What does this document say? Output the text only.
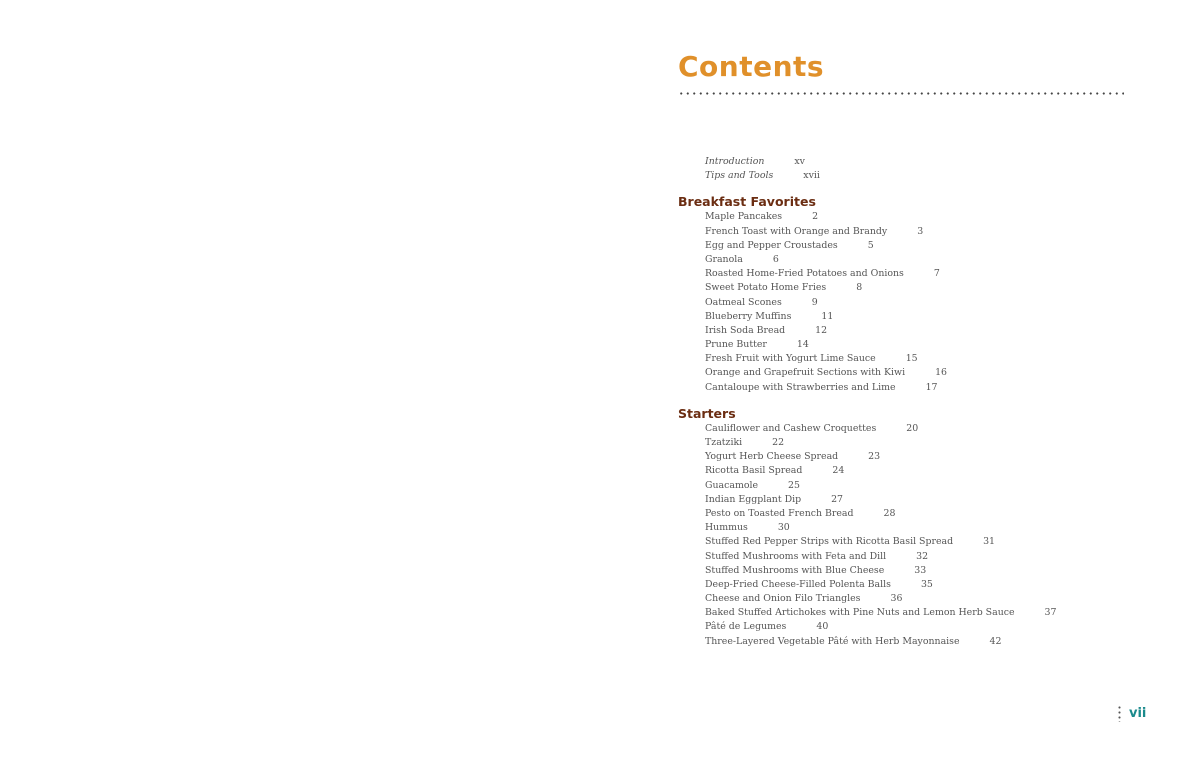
Contents
Introduction	xv
Tips and Tools	xvii
Breakfast Favorites
Maple Pancakes	2
French Toast with Orange and Brandy	3
Egg and Pepper Croustades	5
Granola	6
Roasted Home-Fried Potatoes and Onions	7
Sweet Potato Home Fries	8
Oatmeal Scones	9
Blueberry Muffins	11
Irish Soda Bread	12
Prune Butter	14
Fresh Fruit with Yogurt Lime Sauce	15
Orange and Grapefruit Sections with Kiwi	16
Cantaloupe with Strawberries and Lime	17
Starters
Cauliflower and Cashew Croquettes	20
Tzatziki	22
Yogurt Herb Cheese Spread	23
Ricotta Basil Spread	24
Guacamole	25
Indian Eggplant Dip	27
Pesto on Toasted French Bread	28
Hummus	30
Stuffed Red Pepper Strips with Ricotta Basil Spread	31
Stuffed Mushrooms with Feta and Dill	32
Stuffed Mushrooms with Blue Cheese	33
Deep-Fried Cheese-Filled Polenta Balls	35
Cheese and Onion Filo Triangles	36
Baked Stuffed Artichokes with Pine Nuts and Lemon Herb Sauce	37
Pâté de Legumes	40
Three-Layered Vegetable Pâté with Herb Mayonnaise	42
vii
